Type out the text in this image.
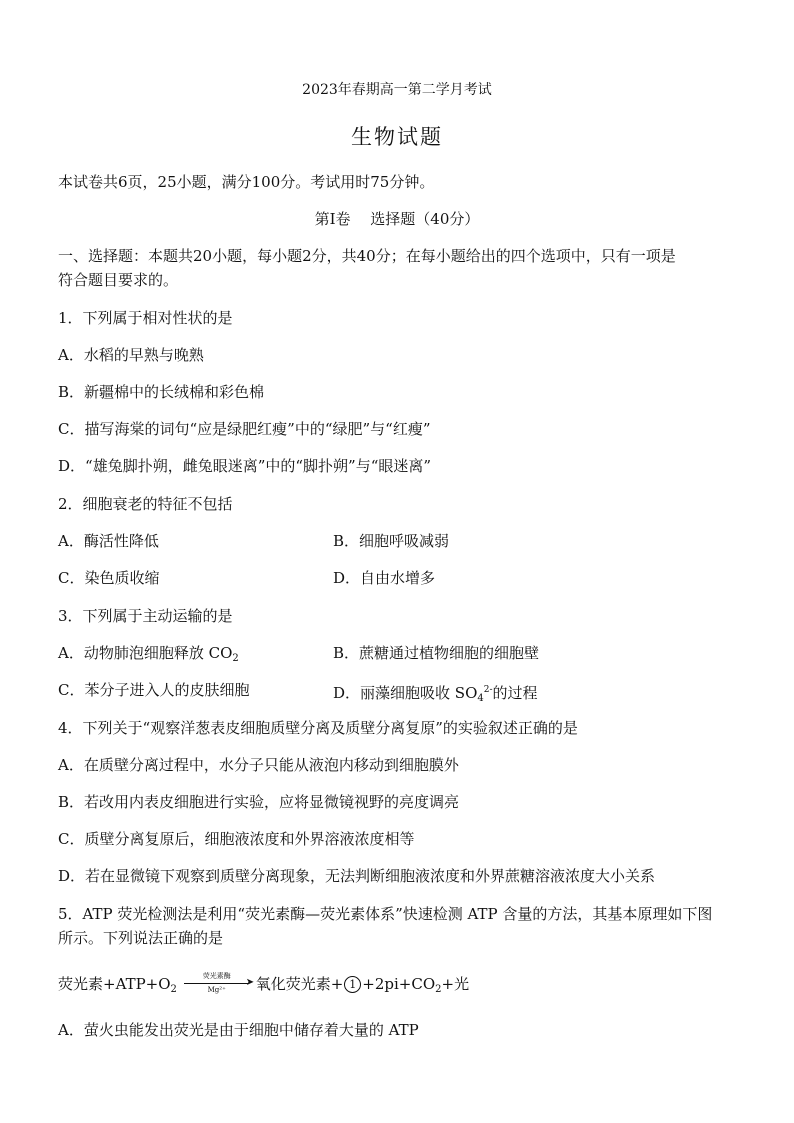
2023年春期高一第二学月考试
生物试题
本试卷共6页，25小题，满分100分。考试用时75分钟。
第Ⅰ卷　 选择题（40分）
一、选择题：本题共20小题，每小题2分，共40分；在每小题给出的四个选项中，只有一项是
符合题目要求的。
1．下列属于相对性状的是
A．水稻的早熟与晚熟
B．新疆棉中的长绒棉和彩色棉
C．描写海棠的词句“应是绿肥红瘦”中的“绿肥”与“红瘦”
D．“雄兔脚扑朔，雌兔眼迷离”中的“脚扑朔”与“眼迷离”
2．细胞衰老的特征不包括
A．酶活性降低	B．细胞呼吸减弱
C．染色质收缩	D．自由水增多
3．下列属于主动运输的是
A．动物肺泡细胞释放 $CO_2$	B．蔗糖通过植物细胞的细胞壁
C．苯分子进入人的皮肤细胞	D．丽藻细胞吸收 $SO_4^{2-}$的过程
4．下列关于“观察洋葱表皮细胞质壁分离及质壁分离复原”的实验叙述正确的是
A．在质壁分离过程中，水分子只能从液泡内移动到细胞膜外
B．若改用内表皮细胞进行实验，应将显微镜视野的亮度调亮
C．质壁分离复原后，细胞液浓度和外界溶液浓度相等
D．若在显微镜下观察到质壁分离现象，无法判断细胞液浓度和外界蔗糖溶液浓度大小关系
5．ATP 荧光检测法是利用“荧光素酶—荧光素体系”快速检测 ATP 含量的方法，其基本原理如下图
所示。下列说法正确的是
荧光素$+ATP+O_2$
荧光素酶
➤
Mg²⁺	氧化荧光素+ $1 +2pi+CO_2+$光
A．萤火虫能发出荧光是由于细胞中储存着大量的 ATP
